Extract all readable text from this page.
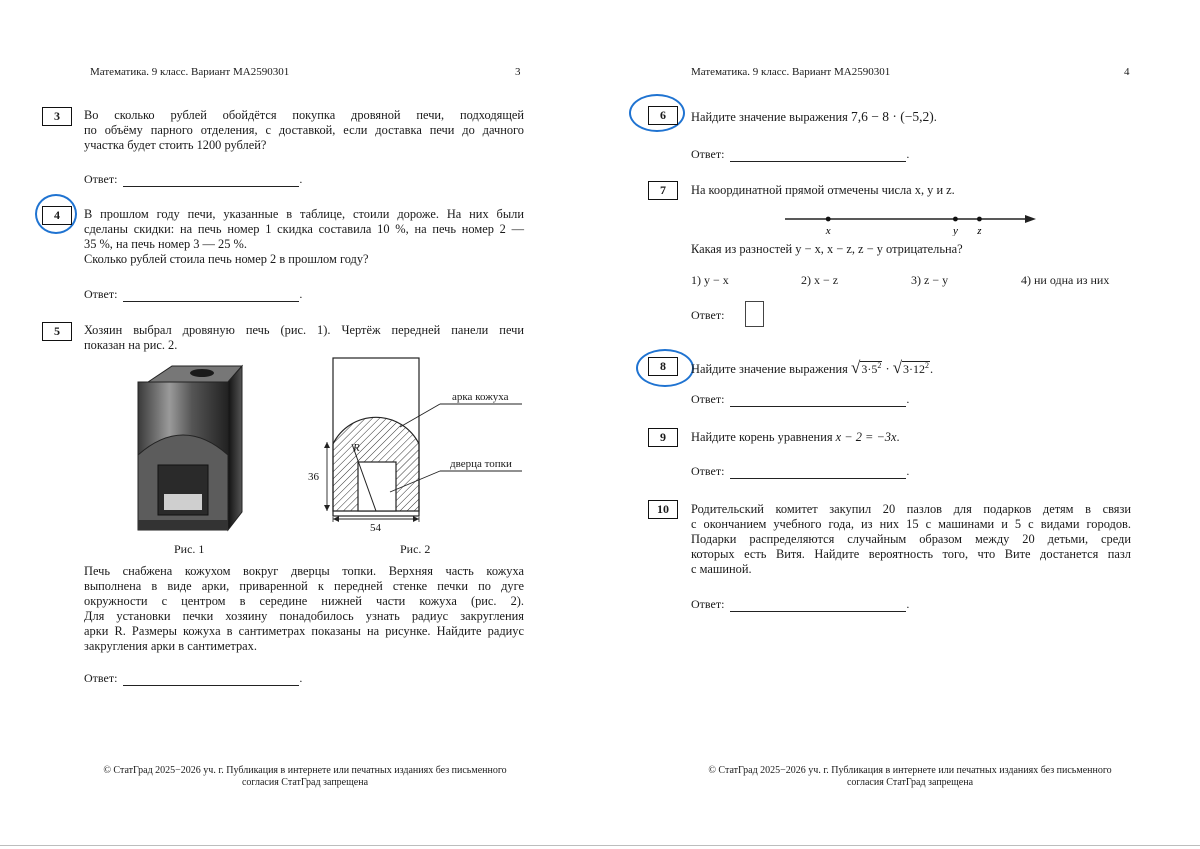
Математика. 9 класс. Вариант МА2590301	3
3	Во сколько рублей обойдётся покупка дровяной печи, подходящей
по объёму парного отделения, с доставкой, если доставка печи до дачного
участка будет стоить 1200 рублей?
Ответ:	.
4	В прошлом году печи, указанные в таблице, стоили дороже. На них были
сделаны скидки: на печь номер 1 скидка составила 10 %, на печь номер 2 —
35 %, на печь номер 3 — 25 %.
Сколько рублей стоила печь номер 2 в прошлом году?
Ответ:	.
5	Хозяин выбрал дровяную печь (рис. 1). Чертёж передней панели печи
показан на рис. 2.
Рис. 1
арка кожуха
дверца топки
R
36
54
Рис. 2
Печь снабжена кожухом вокруг дверцы топки. Верхняя часть кожуха
выполнена в виде арки, приваренной к передней стенке печки по дуге
окружности с центром в середине нижней части кожуха (рис. 2).
Для установки печки хозяину понадобилось узнать радиус закругления
арки R. Размеры кожуха в сантиметрах показаны на рисунке. Найдите радиус
закругления арки в сантиметрах.
Ответ:	.
© СтатГрад 2025−2026 уч. г. Публикация в интернете или печатных изданиях без письменного
согласия СтатГрад запрещена
Математика. 9 класс. Вариант МА2590301	4
6	Найдите значение выражения 7,6 − 8 · (−5,2).
Ответ:	.
7	На координатной прямой отмечены числа x, y и z.
x	y z
Какая из разностей y − x, x − z, z − y отрицательна?
1) y − x	2) x − z	3) z − y	4) ни одна из них
Ответ:
8	Найдите значение выражения $√3\cdot 5^2 \cdot √3\cdot 12^2$.
Ответ:	.
9	Найдите корень уравнения x − 2 = −3x.
Ответ:	.
10	Родительский комитет закупил 20 пазлов для подарков детям в связи
с окончанием учебного года, из них 15 с машинами и 5 с видами городов.
Подарки распределяются случайным образом между 20 детьми, среди
которых есть Витя. Найдите вероятность того, что Вите достанется пазл
с машиной.
Ответ:	.
© СтатГрад 2025−2026 уч. г. Публикация в интернете или печатных изданиях без письменного
согласия СтатГрад запрещена
